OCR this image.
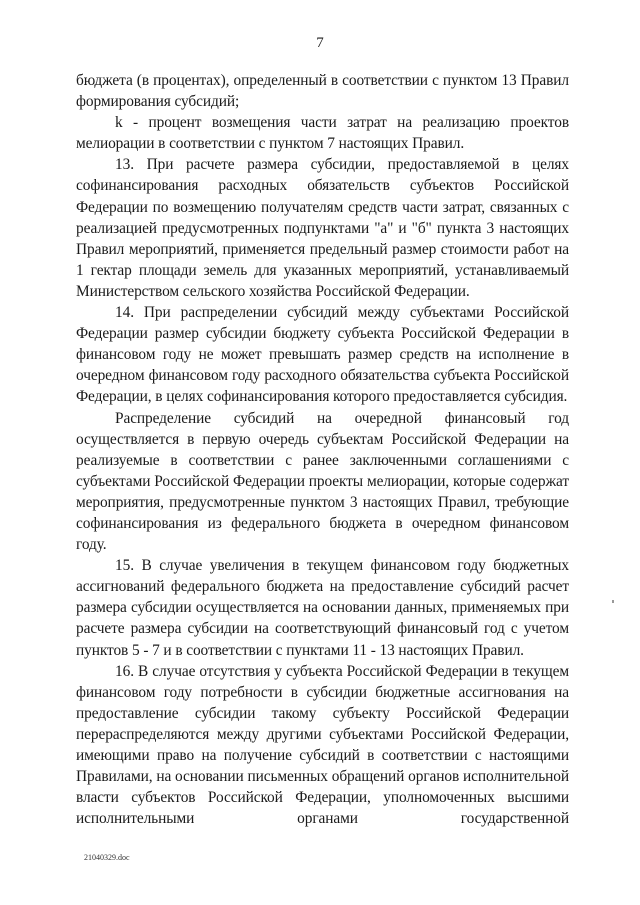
7

бюджета (в процентах), определенный в соответствии с пунктом 13 Правил формирования субсидий;

k - процент возмещения части затрат на реализацию проектов мелиорации в соответствии с пунктом 7 настоящих Правил.

13. При расчете размера субсидии, предоставляемой в целях софинансирования расходных обязательств субъектов Российской Федерации по возмещению получателям средств части затрат, связанных с реализацией предусмотренных подпунктами "а" и "б" пункта 3 настоящих Правил мероприятий, применяется предельный размер стоимости работ на 1 гектар площади земель для указанных мероприятий, устанавливаемый Министерством сельского хозяйства Российской Федерации.

14. При распределении субсидий между субъектами Российской Федерации размер субсидии бюджету субъекта Российской Федерации в финансовом году не может превышать размер средств на исполнение в очередном финансовом году расходного обязательства субъекта Российской Федерации, в целях софинансирования которого предоставляется субсидия.

Распределение субсидий на очередной финансовый год осуществляется в первую очередь субъектам Российской Федерации на реализуемые в соответствии с ранее заключенными соглашениями с субъектами Российской Федерации проекты мелиорации, которые содержат мероприятия, предусмотренные пунктом 3 настоящих Правил, требующие софинансирования из федерального бюджета в очередном финансовом году.

15. В случае увеличения в текущем финансовом году бюджетных ассигнований федерального бюджета на предоставление субсидий расчет размера субсидии осуществляется на основании данных, применяемых при расчете размера субсидии на соответствующий финансовый год с учетом пунктов 5 - 7 и в соответствии с пунктами 11 - 13 настоящих Правил.

16. В случае отсутствия у субъекта Российской Федерации в текущем финансовом году потребности в субсидии бюджетные ассигнования на предоставление субсидии такому субъекту Российской Федерации перераспределяются между другими субъектами Российской Федерации, имеющими право на получение субсидий в соответствии с настоящими Правилами, на основании письменных обращений органов исполнительной власти субъектов Российской Федерации, уполномоченных высшими исполнительными органами государственной

21040329.doc
